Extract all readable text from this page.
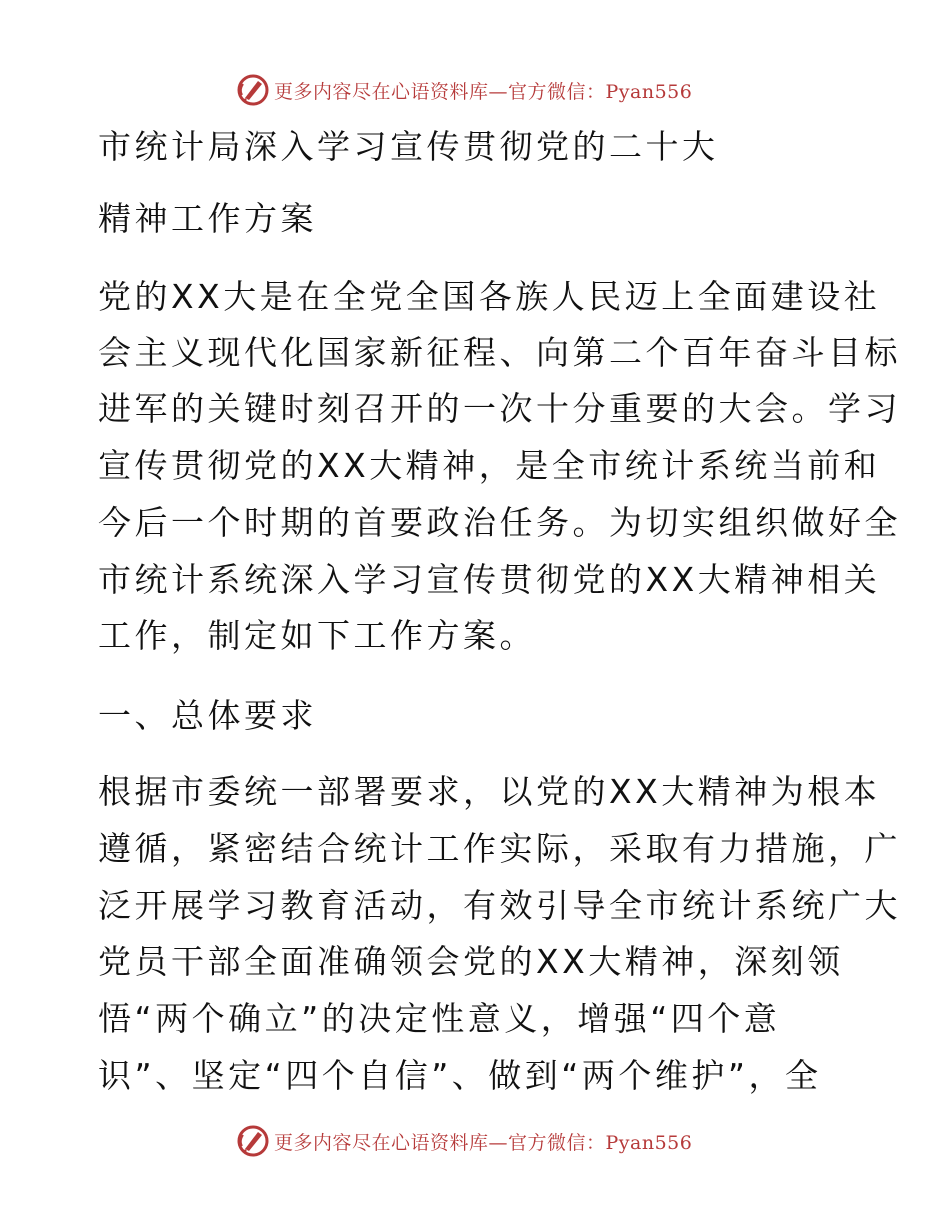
更多内容尽在心语资料库—官方微信：Pyan556
市统计局深入学习宣传贯彻党的二十大
精神工作方案
党的XX大是在全党全国各族人民迈上全面建设社
会主义现代化国家新征程、向第二个百年奋斗目标
进军的关键时刻召开的一次十分重要的大会。学习
宣传贯彻党的XX大精神，是全市统计系统当前和
今后一个时期的首要政治任务。为切实组织做好全
市统计系统深入学习宣传贯彻党的XX大精神相关
工作，制定如下工作方案。
一、总体要求
根据市委统一部署要求，以党的XX大精神为根本
遵循，紧密结合统计工作实际，采取有力措施，广
泛开展学习教育活动，有效引导全市统计系统广大
党员干部全面准确领会党的XX大精神，深刻领
悟“两个确立”的决定性意义，增强“四个意
识”、坚定“四个自信”、做到“两个维护”，全
更多内容尽在心语资料库—官方微信：Pyan556
